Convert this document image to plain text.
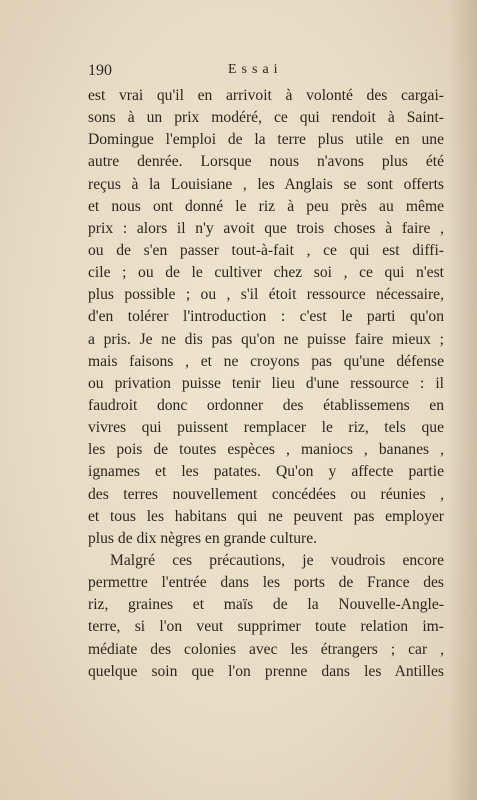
190	Essai

est vrai qu'il en arrivoit à volonté des cargai-
sons à un prix modéré, ce qui rendoit à Saint-
Domingue l'emploi de la terre plus utile en une
autre denrée. Lorsque nous n'avons plus été
reçus à la Louisiane , les Anglais se sont offerts
et nous ont donné le riz à peu près au même
prix : alors il n'y avoit que trois choses à faire ,
ou de s'en passer tout-à-fait , ce qui est diffi-
cile ; ou de le cultiver chez soi , ce qui n'est
plus possible ; ou , s'il étoit ressource nécessaire,
d'en tolérer l'introduction : c'est le parti qu'on
a pris. Je ne dis pas qu'on ne puisse faire mieux ;
mais faisons , et ne croyons pas qu'une défense
ou privation puisse tenir lieu d'une ressource : il
faudroit donc ordonner des établissemens en
vivres qui puissent remplacer le riz, tels que
les pois de toutes espèces , maniocs , bananes ,
ignames et les patates. Qu'on y affecte partie
des terres nouvellement concédées ou réunies ,
et tous les habitans qui ne peuvent pas employer
plus de dix nègres en grande culture.

Malgré ces précautions, je voudrois encore
permettre l'entrée dans les ports de France des
riz, graines et maïs de la Nouvelle-Angle-
terre, si l'on veut supprimer toute relation im-
médiate des colonies avec les étrangers ; car ,
quelque soin que l'on prenne dans les Antilles
